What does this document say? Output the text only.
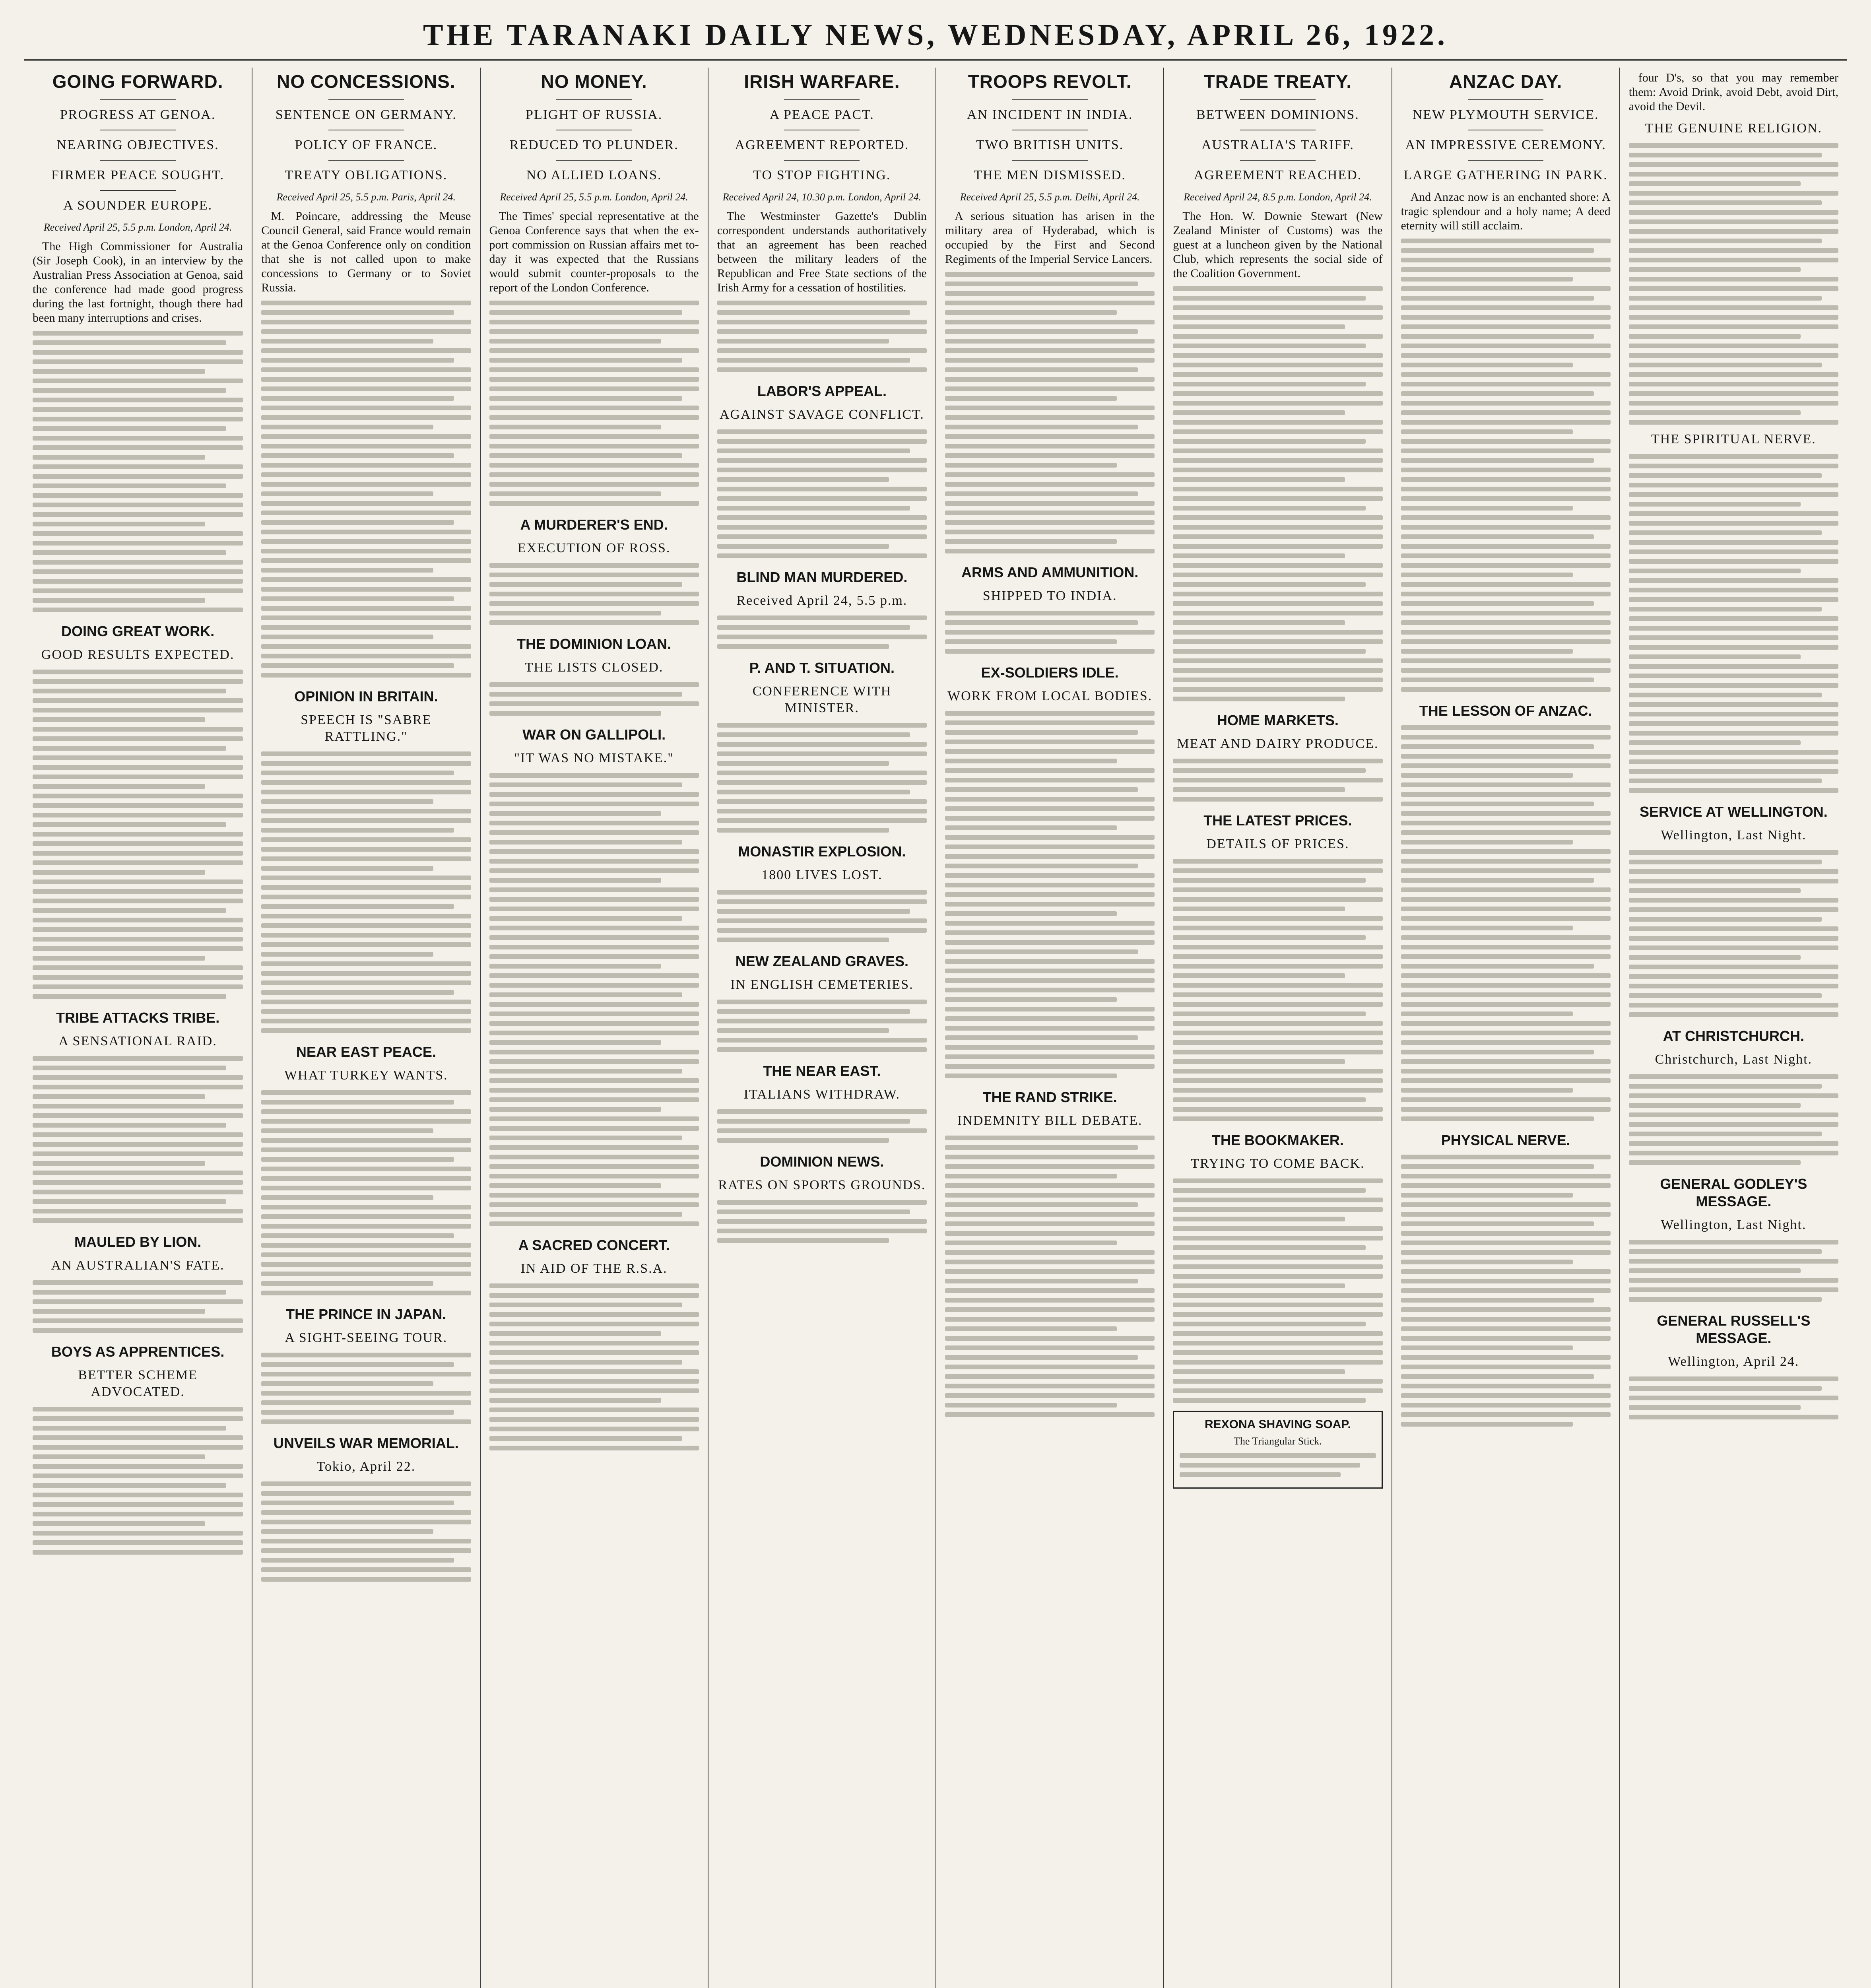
THE TARANAKI DAILY NEWS, WEDNESDAY, APRIL 26, 1922.
GOING FORWARD.
PROGRESS AT GENOA.
NEARING OBJECTIVES.
FIRMER PEACE SOUGHT.
A SOUNDER EUROPE.
Received April 25, 5.5 p.m. London, April 24.
The High Commissioner for Australia (Sir Joseph Cook), in an interview by the Australian Press Association at Genoa, said the conference had made good progress during the last fortnight, though there had been many interruptions and crises.
DOING GREAT WORK.
GOOD RESULTS EXPECTED.
TRIBE ATTACKS TRIBE.
A SENSATIONAL RAID.
MAULED BY LION.
AN AUSTRALIAN'S FATE.
BOYS AS APPRENTICES.
BETTER SCHEME ADVOCATED.
NO CONCESSIONS.
SENTENCE ON GERMANY.
POLICY OF FRANCE.
TREATY OBLIGATIONS.
Received April 25, 5.5 p.m. Paris, April 24.
M. Poincare, addressing the Meuse Council General, said France would remain at the Genoa Conference only on condition that she is not called upon to make concessions to Germany or to Soviet Russia.
OPINION IN BRITAIN.
SPEECH IS "SABRE RATTLING."
NEAR EAST PEACE.
WHAT TURKEY WANTS.
THE PRINCE IN JAPAN.
A SIGHT-SEEING TOUR.
UNVEILS WAR MEMORIAL.
Tokio, April 22.
NO MONEY.
PLIGHT OF RUSSIA.
REDUCED TO PLUNDER.
NO ALLIED LOANS.
Received April 25, 5.5 p.m. London, April 24.
The Times' special representative at the Genoa Conference says that when the ex-port commission on Russian affairs met to-day it was expected that the Russians would submit counter-proposals to the report of the London Conference.
A MURDERER'S END.
EXECUTION OF ROSS.
THE DOMINION LOAN.
THE LISTS CLOSED.
WAR ON GALLIPOLI.
"IT WAS NO MISTAKE."
A SACRED CONCERT.
IN AID OF THE R.S.A.
IRISH WARFARE.
A PEACE PACT.
AGREEMENT REPORTED.
TO STOP FIGHTING.
Received April 24, 10.30 p.m. London, April 24.
The Westminster Gazette's Dublin correspondent understands authoritatively that an agreement has been reached between the military leaders of the Republican and Free State sections of the Irish Army for a cessation of hostilities.
LABOR'S APPEAL.
AGAINST SAVAGE CONFLICT.
BLIND MAN MURDERED.
Received April 24, 5.5 p.m.
P. AND T. SITUATION.
CONFERENCE WITH MINISTER.
MONASTIR EXPLOSION.
1800 LIVES LOST.
NEW ZEALAND GRAVES.
IN ENGLISH CEMETERIES.
THE NEAR EAST.
ITALIANS WITHDRAW.
DOMINION NEWS.
RATES ON SPORTS GROUNDS.
TROOPS REVOLT.
AN INCIDENT IN INDIA.
TWO BRITISH UNITS.
THE MEN DISMISSED.
Received April 25, 5.5 p.m. Delhi, April 24.
A serious situation has arisen in the military area of Hyderabad, which is occupied by the First and Second Regiments of the Imperial Service Lancers.
ARMS AND AMMUNITION.
SHIPPED TO INDIA.
EX-SOLDIERS IDLE.
WORK FROM LOCAL BODIES.
THE RAND STRIKE.
INDEMNITY BILL DEBATE.
TRADE TREATY.
BETWEEN DOMINIONS.
AUSTRALIA'S TARIFF.
AGREEMENT REACHED.
Received April 24, 8.5 p.m. London, April 24.
The Hon. W. Downie Stewart (New Zealand Minister of Customs) was the guest at a luncheon given by the National Club, which represents the social side of the Coalition Government.
HOME MARKETS.
MEAT AND DAIRY PRODUCE.
THE LATEST PRICES.
DETAILS OF PRICES.
THE BOOKMAKER.
TRYING TO COME BACK.
REXONA SHAVING SOAP.
The Triangular Stick.
ANZAC DAY.
NEW PLYMOUTH SERVICE.
AN IMPRESSIVE CEREMONY.
LARGE GATHERING IN PARK.
And Anzac now is an enchanted shore: A tragic splendour and a holy name; A deed eternity will still acclaim.
THE LESSON OF ANZAC.
PHYSICAL NERVE.
four D's, so that you may remember them: Avoid Drink, avoid Debt, avoid Dirt, avoid the Devil.
THE GENUINE RELIGION.
THE SPIRITUAL NERVE.
SERVICE AT WELLINGTON.
Wellington, Last Night.
AT CHRISTCHURCH.
Christchurch, Last Night.
GENERAL GODLEY'S MESSAGE.
Wellington, Last Night.
GENERAL RUSSELL'S MESSAGE.
Wellington, April 24.
